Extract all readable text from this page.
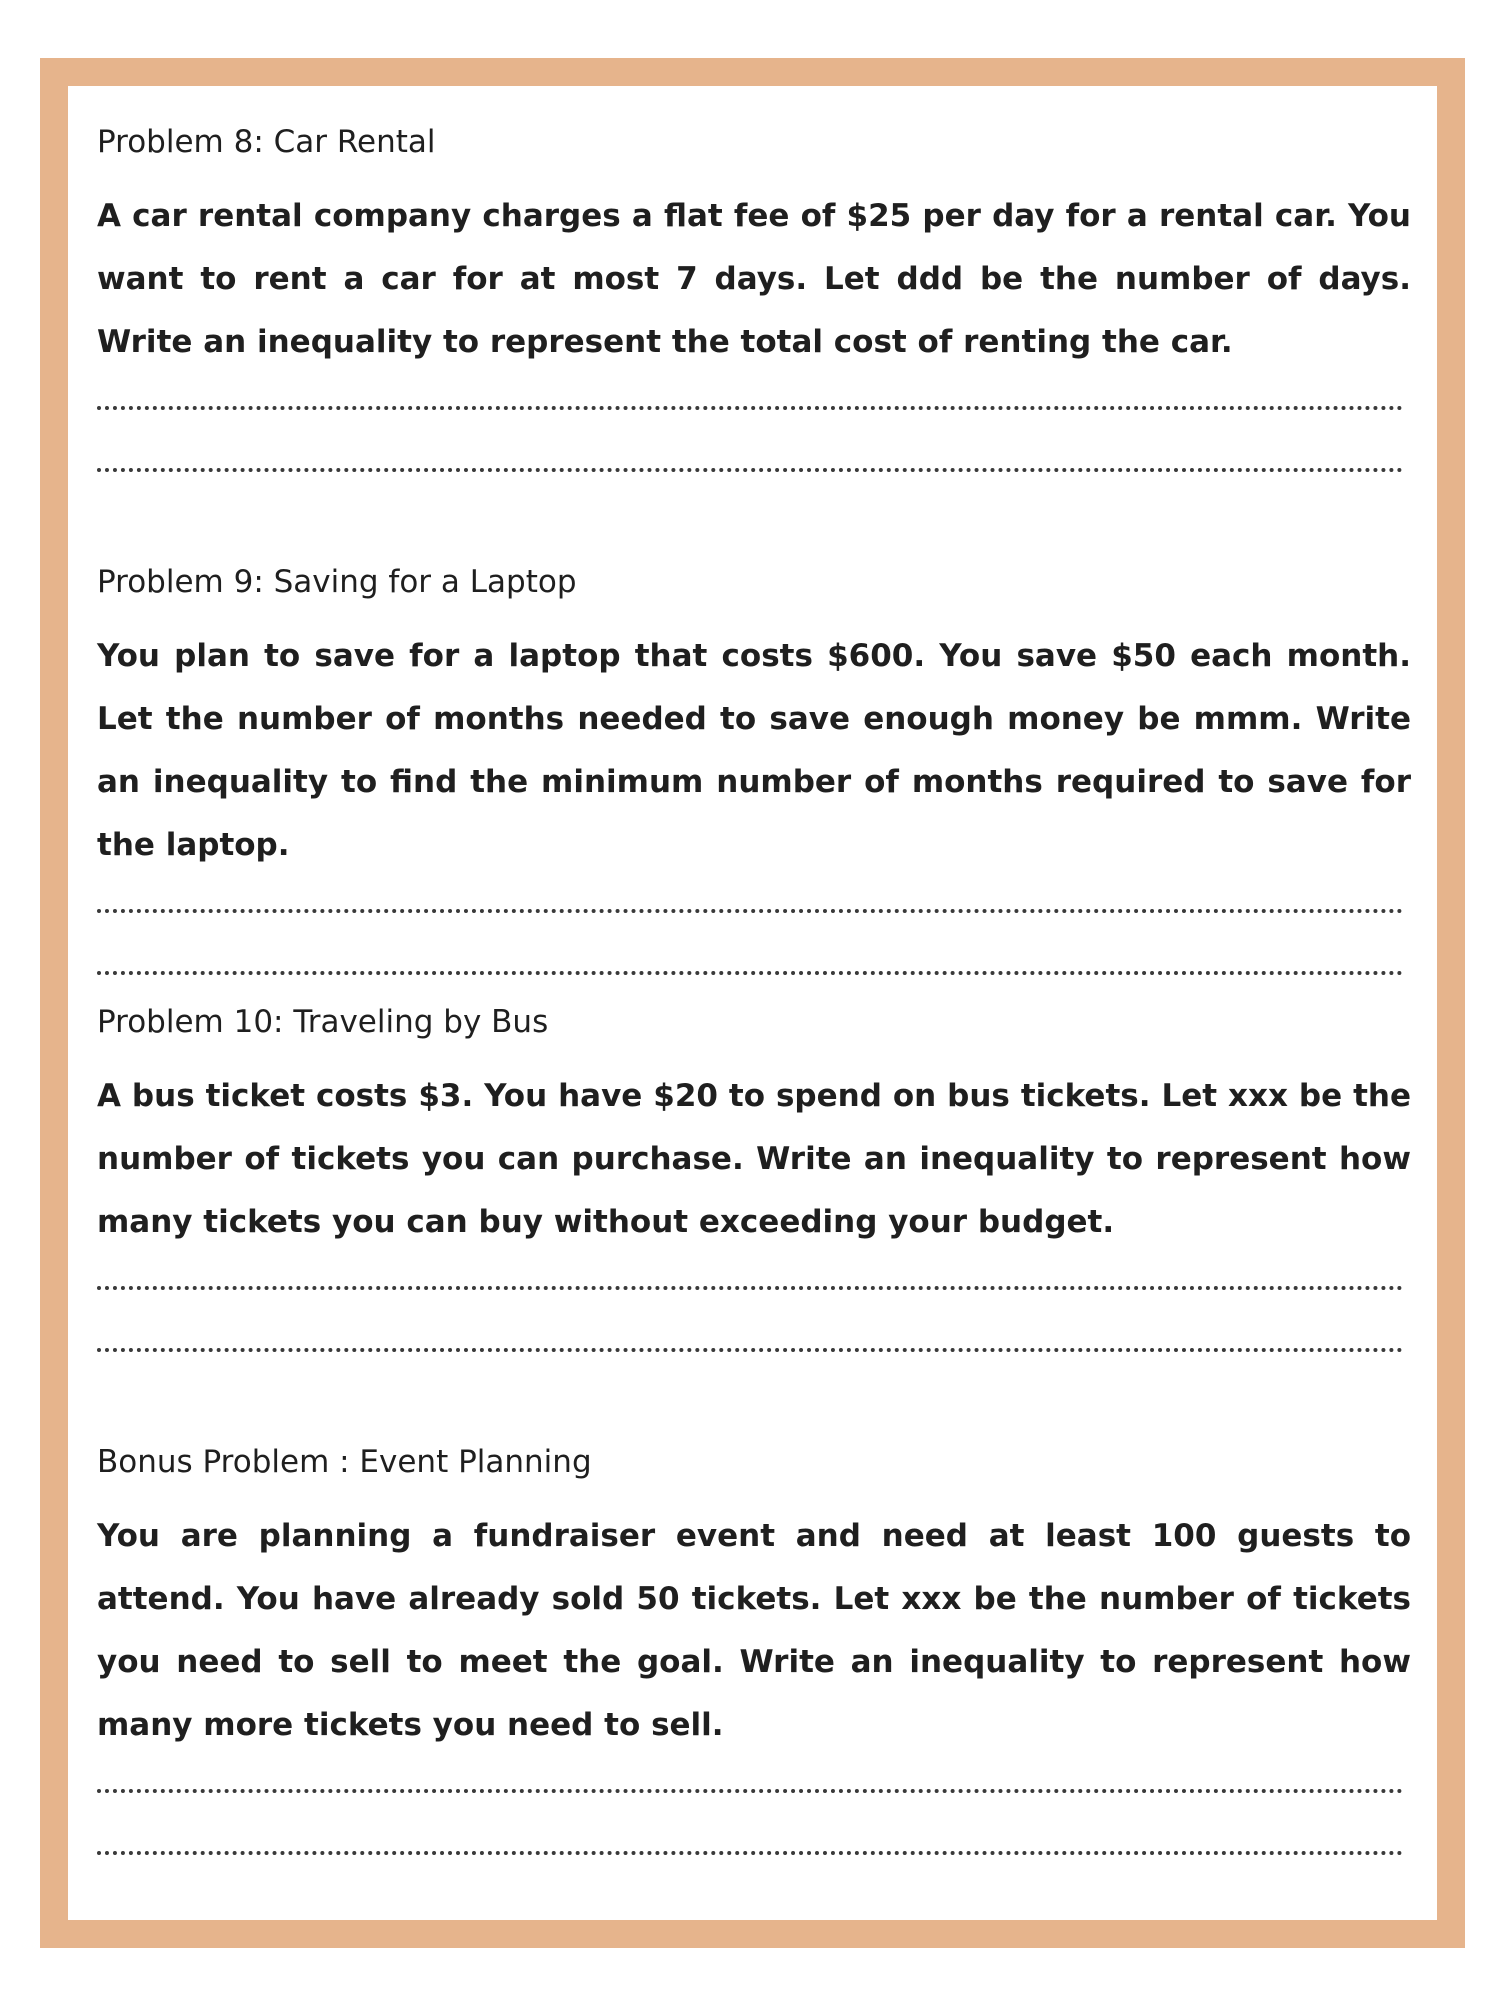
Problem 8: Car Rental

A car rental company charges a flat fee of $25 per day for a rental car. You want to rent a car for at most 7 days. Let ddd be the number of days. Write an inequality to represent the total cost of renting the car.

Problem 9: Saving for a Laptop

You plan to save for a laptop that costs $600. You save $50 each month. Let the number of months needed to save enough money be mmm. Write an inequality to find the minimum number of months required to save for the laptop.

Problem 10: Traveling by Bus

A bus ticket costs $3. You have $20 to spend on bus tickets. Let xxx be the number of tickets you can purchase. Write an inequality to represent how many tickets you can buy without exceeding your budget.

Bonus Problem : Event Planning

You are planning a fundraiser event and need at least 100 guests to attend. You have already sold 50 tickets. Let xxx be the number of tickets you need to sell to meet the goal. Write an inequality to represent how many more tickets you need to sell.
